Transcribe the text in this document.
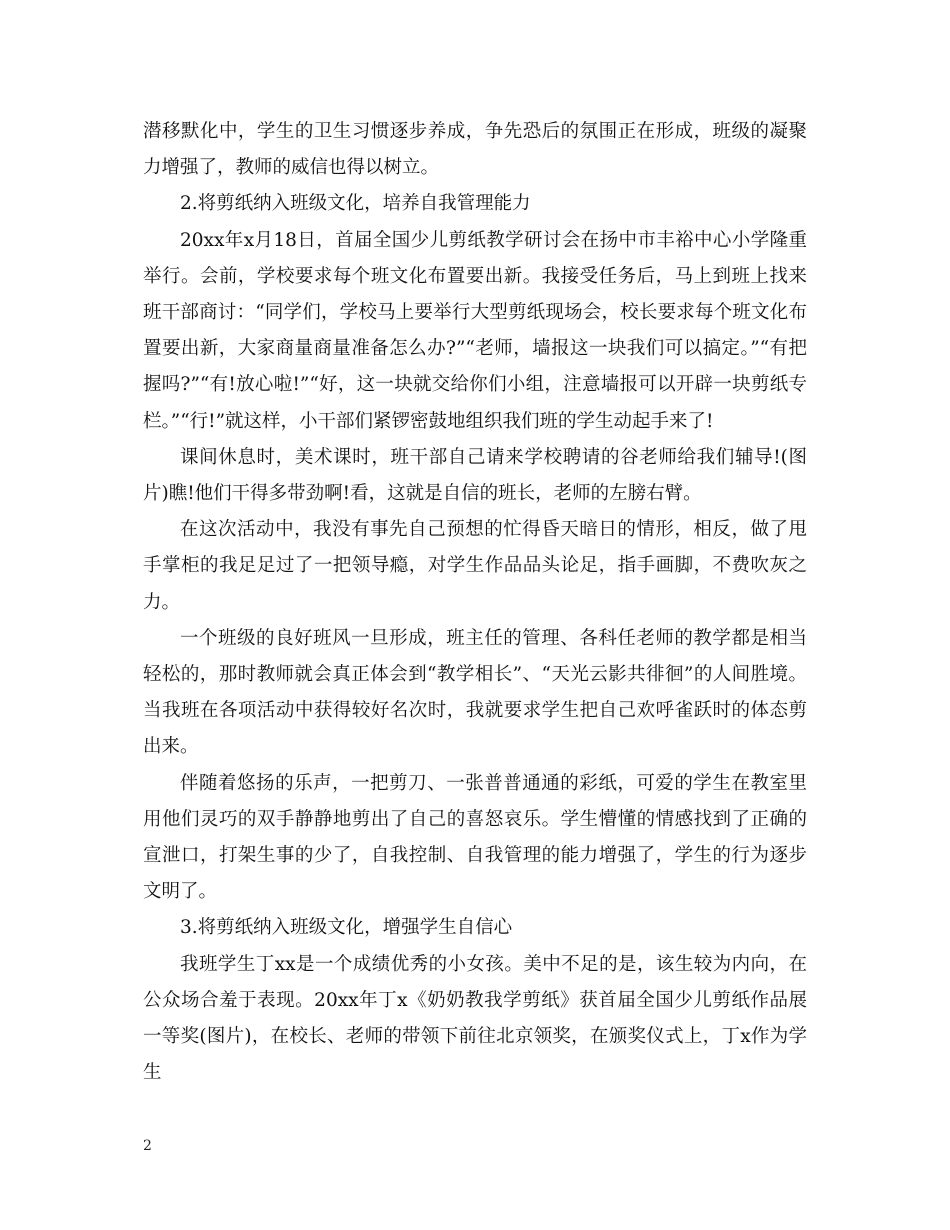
潜移默化中，学生的卫生习惯逐步养成，争先恐后的氛围正在形成，班级的凝聚力增强了，教师的威信也得以树立。

2.将剪纸纳入班级文化，培养自我管理能力

20xx年x月18日，首届全国少儿剪纸教学研讨会在扬中市丰裕中心小学隆重举行。会前，学校要求每个班文化布置要出新。我接受任务后，马上到班上找来班干部商讨：“同学们，学校马上要举行大型剪纸现场会，校长要求每个班文化布置要出新，大家商量商量准备怎么办?”“老师，墙报这一块我们可以搞定。”“有把握吗?”“有!放心啦!”“好，这一块就交给你们小组，注意墙报可以开辟一块剪纸专栏。”“行!”就这样，小干部们紧锣密鼓地组织我们班的学生动起手来了!

课间休息时，美术课时，班干部自己请来学校聘请的谷老师给我们辅导!(图片)瞧!他们干得多带劲啊!看，这就是自信的班长，老师的左膀右臂。

在这次活动中，我没有事先自己预想的忙得昏天暗日的情形，相反，做了甩手掌柜的我足足过了一把领导瘾，对学生作品品头论足，指手画脚，不费吹灰之力。

一个班级的良好班风一旦形成，班主任的管理、各科任老师的教学都是相当轻松的，那时教师就会真正体会到“教学相长”、“天光云影共徘徊”的人间胜境。当我班在各项活动中获得较好名次时，我就要求学生把自己欢呼雀跃时的体态剪出来。

伴随着悠扬的乐声，一把剪刀、一张普普通通的彩纸，可爱的学生在教室里用他们灵巧的双手静静地剪出了自己的喜怒哀乐。学生懵懂的情感找到了正确的宣泄口，打架生事的少了，自我控制、自我管理的能力增强了，学生的行为逐步文明了。

3.将剪纸纳入班级文化，增强学生自信心

我班学生丁xx是一个成绩优秀的小女孩。美中不足的是，该生较为内向，在公众场合羞于表现。20xx年丁x《奶奶教我学剪纸》获首届全国少儿剪纸作品展一等奖(图片)，在校长、老师的带领下前往北京领奖，在颁奖仪式上，丁x作为学生

2
